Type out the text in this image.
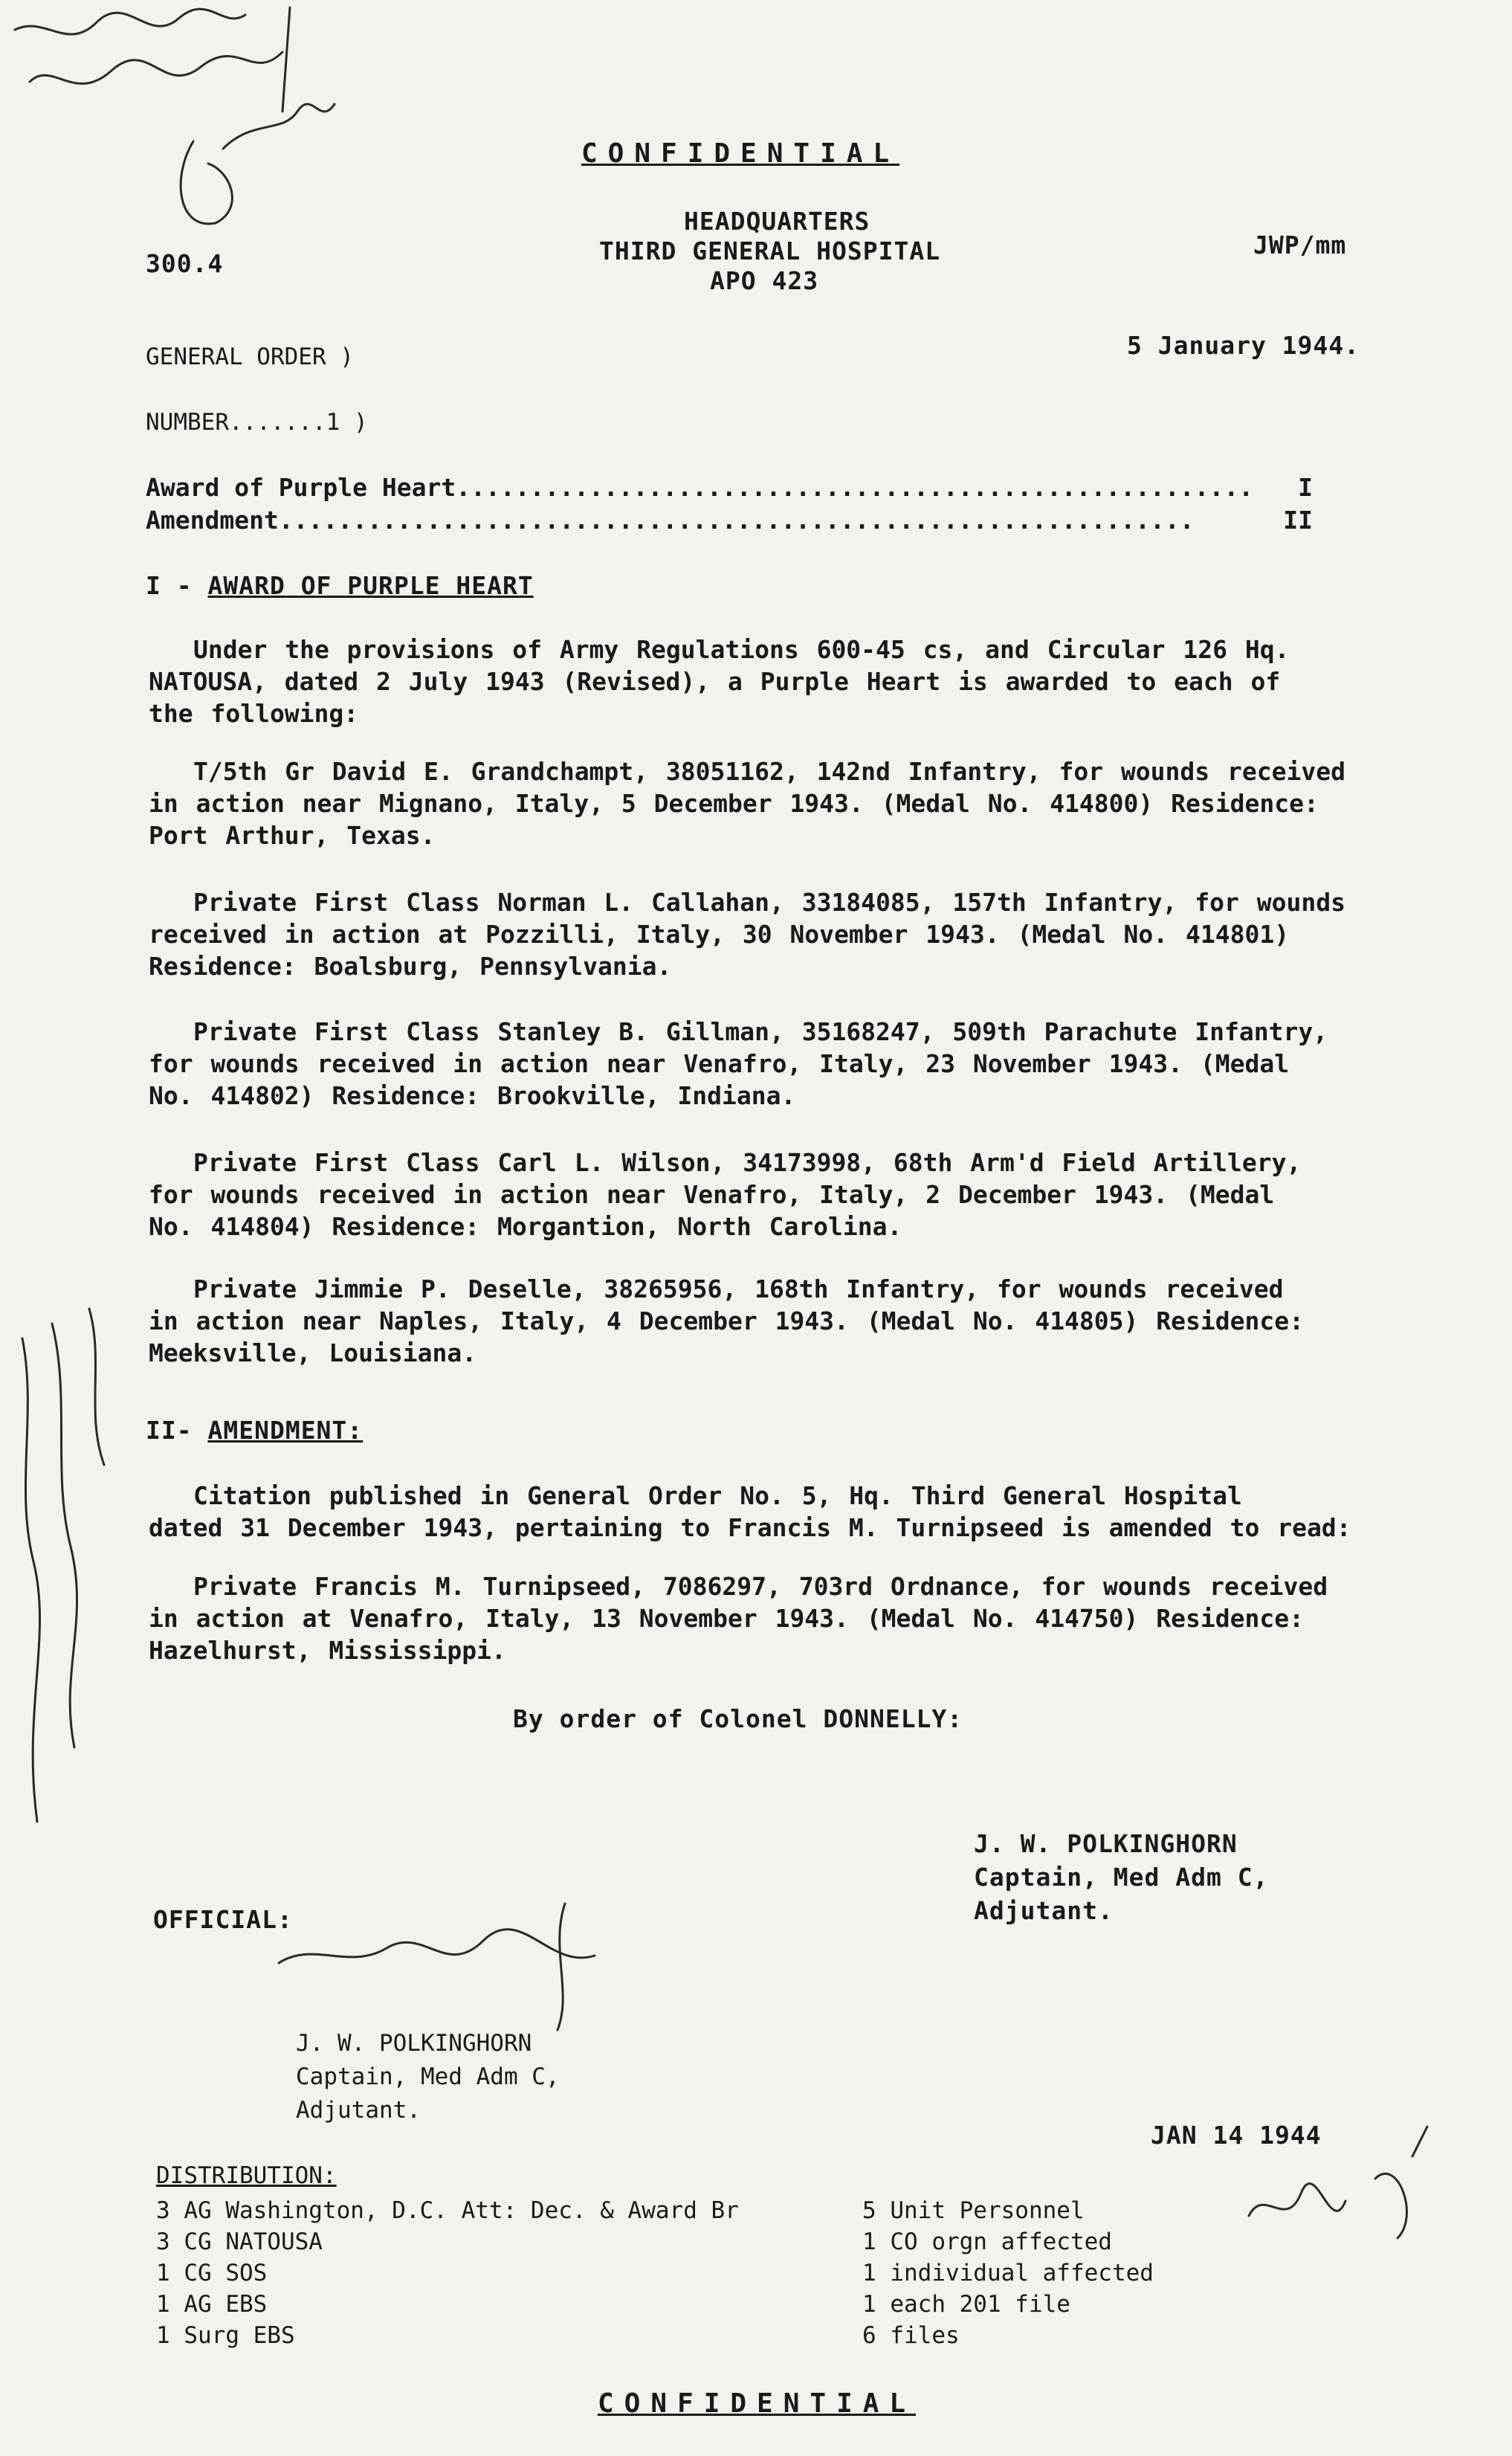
CONFIDENTIAL
HEADQUARTERS
THIRD GENERAL HOSPITAL
APO 423
300.4
JWP/mm
GENERAL ORDER )
NUMBER.......1 )
5 January 1944.
Award of Purple Heart...................................................... I
Amendment..............................................................	II
I - AWARD OF PURPLE HEART
Under the provisions of Army Regulations 600-45 cs, and Circular 126 Hq.
NATOUSA, dated 2 July 1943 (Revised), a Purple Heart is awarded to each of
the following:
T/5th Gr David E. Grandchampt, 38051162, 142nd Infantry, for wounds received
in action near Mignano, Italy, 5 December 1943. (Medal No. 414800) Residence:
Port Arthur, Texas.
Private First Class Norman L. Callahan, 33184085, 157th Infantry, for wounds
received in action at Pozzilli, Italy, 30 November 1943. (Medal No. 414801)
Residence: Boalsburg, Pennsylvania.
Private First Class Stanley B. Gillman, 35168247, 509th Parachute Infantry,
for wounds received in action near Venafro, Italy, 23 November 1943. (Medal
No. 414802) Residence: Brookville, Indiana.
Private First Class Carl L. Wilson, 34173998, 68th Arm'd Field Artillery,
for wounds received in action near Venafro, Italy, 2 December 1943. (Medal
No. 414804) Residence: Morgantion, North Carolina.
Private Jimmie P. Deselle, 38265956, 168th Infantry, for wounds received
in action near Naples, Italy, 4 December 1943. (Medal No. 414805) Residence:
Meeksville, Louisiana.
II- AMENDMENT:
Citation published in General Order No. 5, Hq. Third General Hospital
dated 31 December 1943, pertaining to Francis M. Turnipseed is amended to read:
Private Francis M. Turnipseed, 7086297, 703rd Ordnance, for wounds received
in action at Venafro, Italy, 13 November 1943. (Medal No. 414750) Residence:
Hazelhurst, Mississippi.
By order of Colonel DONNELLY:
J. W. POLKINGHORN
Captain, Med Adm C,
Adjutant.
OFFICIAL:
J. W. POLKINGHORN
Captain, Med Adm C,
Adjutant.
JAN 14 1944
DISTRIBUTION:
3 AG Washington, D.C. Att: Dec. & Award Br
3 CG NATOUSA
1 CG SOS
1 AG EBS
1 Surg EBS
5 Unit Personnel
1 CO orgn affected
1 individual affected
1 each 201 file
6 files
CONFIDENTIAL
